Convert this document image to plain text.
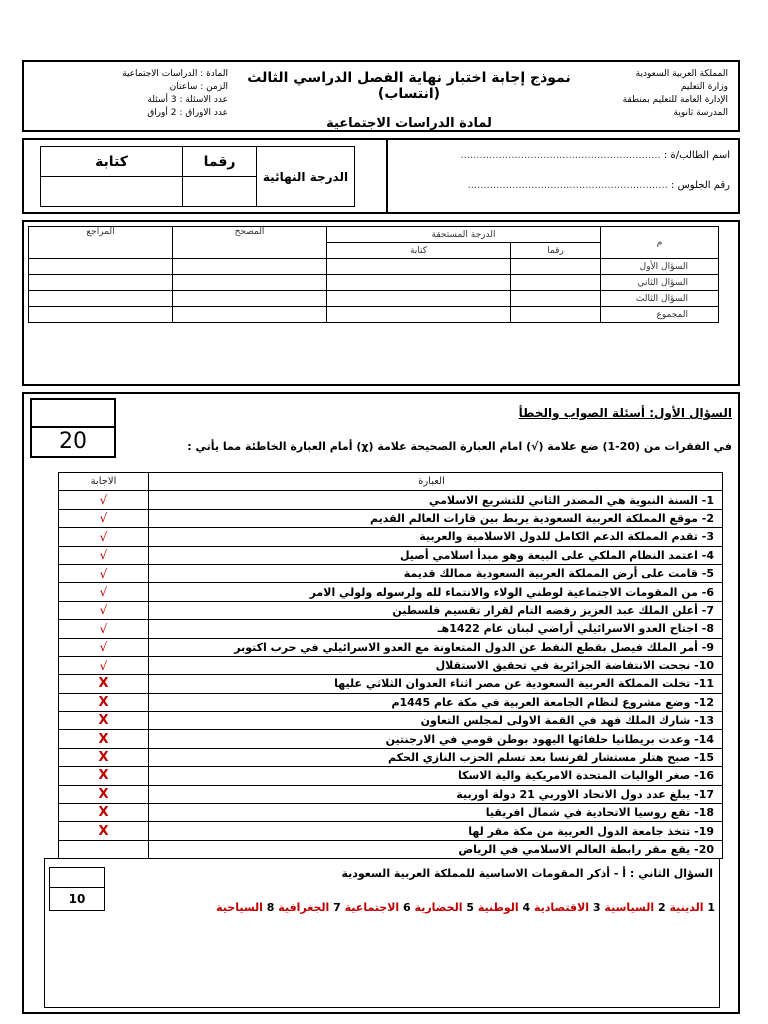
المملكة العربية السعودية
وزارة التعليم
الإدارة العامة للتعليم بمنطقة
المدرسة ثانوية
نموذج إجابة اختبار نهاية الفصل الدراسي الثالث (انتساب)
لمادة الدراسات الاجتماعية
المادة : الدراسات الاجتماعية
الزمن : ساعتان
عدد الاسئلة : 3 أسئلة
عدد الاوراق : 2 أوراق
أسم الطالب/ة : ...............................................................
رقم الجلوس : ...............................................................
الدرجة النهائية	رقما	كتابة

م	الدرجة المستحقة		المصحح	المراجع
	رقما	كتابة		
السؤال الأول				
السؤال الثاني				
السؤال الثالث				
المجموع				
20
السؤال الأول: أسئلة الصواب والخطأ
في الفقرات من (20-1) ضع علامة (√) امام العبارة الصحيحة علامة (χ) أمام العبارة الخاطئة مما يأتي :
العبارة	الاجابة
1- السنة النبوية هي المصدر الثاني للتشريع الاسلامي	√
2- موقع المملكة العربية السعودية يربط بين قارات العالم القديم	√
3- تقدم المملكة الدعم الكامل للدول الاسلامية والعربية	√
4- اعتمد النظام الملكي على البيعة وهو مبدأ اسلامي أصيل	√
5- قامت على أرض المملكة العربية السعودية ممالك قديمة	√
6- من المقومات الاجتماعية لوطني الولاء والانتماء لله ولرسوله ولولي الامر	√
7- أعلن الملك عبد العزيز رفضه التام لقرار تقسيم فلسطين	√
8- اجتاح العدو الاسرائيلي أراضي لبنان عام 1422هـ	√
9- أمر الملك فيصل بقطع النفط عن الدول المتعاونة مع العدو الاسرائيلي في حرب اكتوبر	√
10- نجحت الانتفاضة الجزائرية في تحقيق الاستقلال	√
11- تخلت المملكة العربية السعودية عن مصر اثناء العدوان الثلاثي عليها	X
12- وضع مشروع لنظام الجامعة العربية في مكة عام 1445م	X
13- شارك الملك فهد في القمة الاولى لمجلس التعاون	X
14- وعدت بريطانيا حلفائها اليهود بوطن قومي في الارجنتين	X
15- صبح هتلر مستشار لفرنسا بعد تسلم الحزب النازي الحكم	X
16- صغر الواليات المتحدة الامريكية والية الاسكا	X
17- يبلغ عدد دول الاتحاد الاوربي 21 دولة اوربية	X
18- تقع روسيا الاتحادية في شمال افريقيا	X
19- تتخذ جامعة الدول العربية من مكة مقر لها	X
20- يقع مقر رابطة العالم الاسلامي في الرياض	
10
السؤال الثاني : أ - أذكر المقومات الاساسية للمملكة العربية السعودية
1 الدينية 2 السياسية 3 الاقتصادية 4 الوطنية 5 الحضارية 6 الاجتماعية 7 الجغرافية 8 السياحية
